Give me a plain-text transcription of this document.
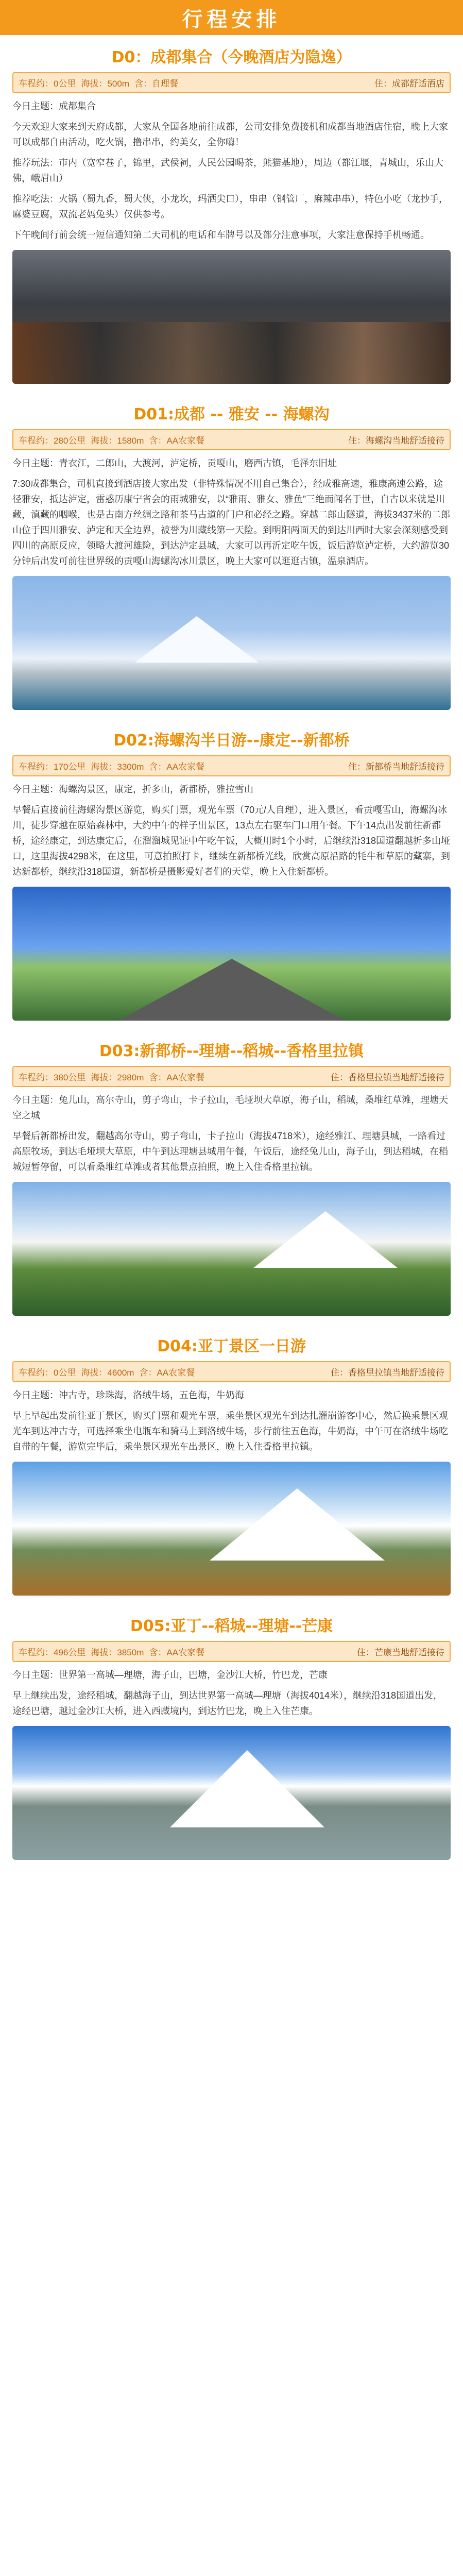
行程安排
D0：成都集合（今晚酒店为隐逸）
车程约：0公里 海拔：500m 含：自理餐	住：成都舒适酒店
今日主题：成都集合
今天欢迎大家来到天府成都，大家从全国各地前往成都，公司安排免费接机和成都当地酒店住宿，晚上大家可以成都自由活动，吃火锅，撸串串，约美女，全你嗨！
推荐玩法：市内（宽窄巷子，锦里，武侯祠，人民公园喝茶，熊猫基地），周边（都江堰，青城山，乐山大佛，峨眉山）
推荐吃法：火锅（蜀九香，蜀大侠，小龙坎，玛洒尖口），串串（钢管厂，麻辣串串），特色小吃（龙抄手，麻婆豆腐，双流老妈兔头）仅供参考。
下午晚间行前会统一短信通知第二天司机的电话和车牌号以及部分注意事项，大家注意保持手机畅通。
D01:成都 -- 雅安 -- 海螺沟
车程约：280公里 海拔：1580m 含：AA农家餐	住：海螺沟当地舒适接待
今日主题：青衣江，二郎山，大渡河，泸定桥，贡嘎山，磨西古镇，毛泽东旧址
7:30成都集合，司机直接到酒店接大家出发（非特殊情况不用自己集合），经成雅高速，雅康高速公路，途径雅安，抵达泸定，雷惑历康宁省会的雨城雅安，以“雅雨、雅女、雅鱼”三绝而闻名于世，自古以来就是川藏，滇藏的咽喉，也是古南方丝绸之路和茶马古道的门户和必经之路。穿越二郎山隧道，海拔3437米的二郎山位于四川雅安、泸定和天全边界，被誉为川藏线第一天险。到明阳两面天的到达川西时大家会深刻感受到四川的高原反应，领略大渡河雄险，到达泸定县城，大家可以再沂定吃午饭，饭后游览泸定桥，大约游览30分钟后出发可前往世界级的贡嘎山海螺沟冰川景区，晚上大家可以逛逛古镇，温泉酒店。
D02:海螺沟半日游--康定--新都桥
车程约：170公里 海拔：3300m 含：AA农家餐	住：新都桥当地舒适接待
今日主题：海螺沟景区，康定，折多山，新都桥，雅拉雪山
早餐后直接前往海螺沟景区游览，购买门票，观光车票（70元/人自理），进入景区，看贡嘎雪山，海螺沟冰川，徒步穿越在原始森林中，大约中午的样子出景区，13点左右驱车门口用午餐。下午14点出发前往新都桥，途经康定，到达康定后，在溜溜城见证中午吃午饭，大概用时1个小时，后继续沿318国道翻越折多山垭口，这里海拔4298米，在这里，可意拍照打卡，继续在新都桥光线，欣赏高原沿路的牦牛和草原的藏寨，到达新都桥，继续沿318国道，新都桥是摄影爱好者们的天堂，晚上入住新都桥。
D03:新都桥--理塘--稻城--香格里拉镇
车程约：380公里 海拔：2980m 含：AA农家餐	住：香格里拉镇当地舒适接待
今日主题：兔儿山，高尔寺山，剪子弯山，卡子拉山，毛垭坝大草原，海子山，稻城，桑堆红草滩，理塘天空之城
早餐后新都桥出发，翻越高尔寺山，剪子弯山，卡子拉山（海拔4718米），途经雅江、理塘县城，一路看过高原牧场，到达毛垭坝大草原，中午到达理塘县城用午餐，午饭后，途经兔儿山，海子山，到达稻城，在稻城短暂停留，可以看桑堆红草滩或者其他景点拍照，晚上入住香格里拉镇。
D04:亚丁景区一日游
车程约：0公里 海拔：4600m 含：AA农家餐	住：香格里拉镇当地舒适接待
今日主题：冲古寺，珍珠海，洛绒牛场，五色海，牛奶海
早上早起出发前往亚丁景区，购买门票和观光车票，乘坐景区观光车到达扎灌崩游客中心，然后换乘景区观光车到达冲古寺，可选择乘坐电瓶车和骑马上到洛绒牛场，步行前往五色海，牛奶海，中午可在洛绒牛场吃自带的午餐，游览完毕后，乘坐景区观光车出景区，晚上入住香格里拉镇。
D05:亚丁--稻城--理塘--芒康
车程约：496公里 海拔：3850m 含：AA农家餐	住：芒康当地舒适接待
今日主题：世界第一高城—理塘，海子山，巴塘，金沙江大桥，竹巴龙，芒康
早上继续出发，途经稻城，翻越海子山，到达世界第一高城—理塘（海拔4014米），继续沿318国道出发，途经巴塘，越过金沙江大桥，进入西藏境内，到达竹巴龙，晚上入住芒康。
